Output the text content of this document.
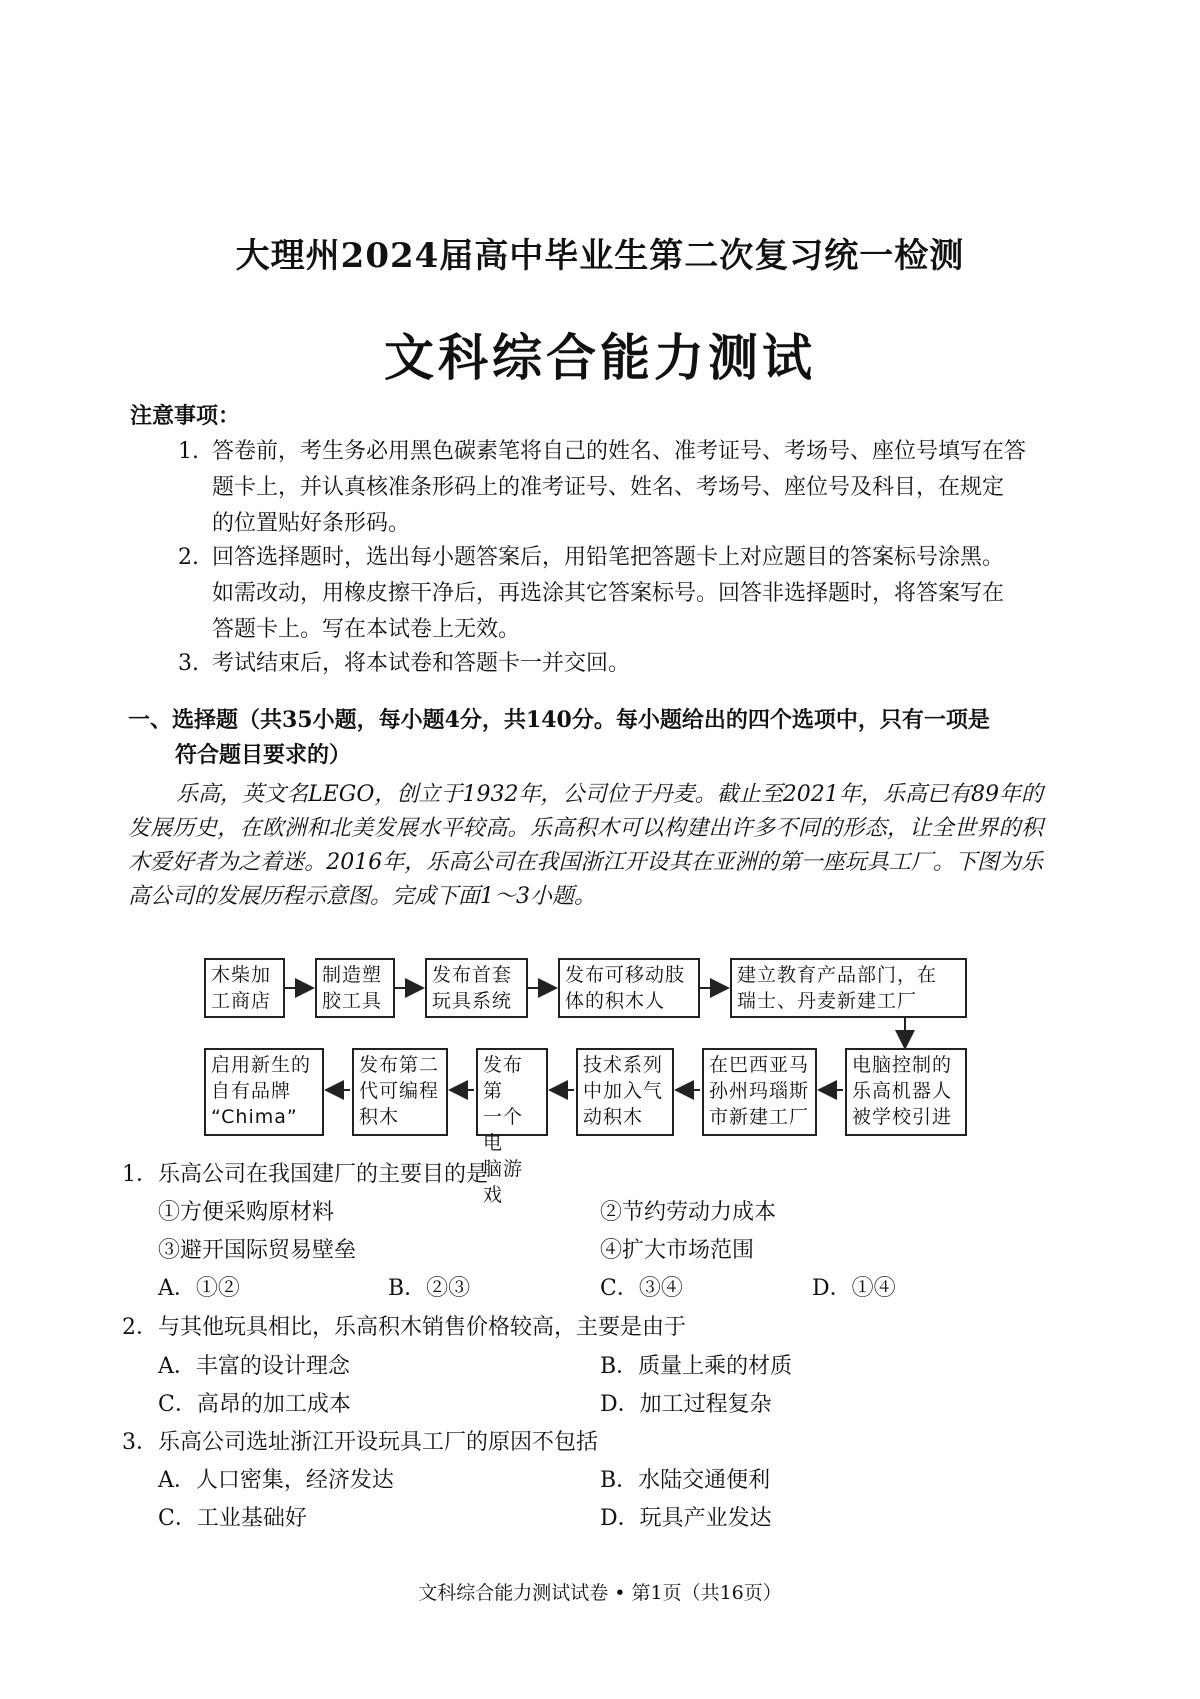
大理州2024届高中毕业生第二次复习统一检测
文科综合能力测试
注意事项：
1. 答卷前，考生务必用黑色碳素笔将自己的姓名、准考证号、考场号、座位号填写在答
题卡上，并认真核准条形码上的准考证号、姓名、考场号、座位号及科目，在规定
的位置贴好条形码。
2. 回答选择题时，选出每小题答案后，用铅笔把答题卡上对应题目的答案标号涂黑。
如需改动，用橡皮擦干净后，再选涂其它答案标号。回答非选择题时，将答案写在
答题卡上。写在本试卷上无效。
3. 考试结束后，将本试卷和答题卡一并交回。
一、选择题（共35小题，每小题4分，共140分。每小题给出的四个选项中，只有一项是
符合题目要求的）
乐高，英文名LEGO，创立于1932年，公司位于丹麦。截止至2021年，乐高已有89年的发展历史，在欧洲和北美发展水平较高。乐高积木可以构建出许多不同的形态，让全世界的积木爱好者为之着迷。2016年，乐高公司在我国浙江开设其在亚洲的第一座玩具工厂。下图为乐高公司的发展历程示意图。完成下面1～3小题。
木柴加
工商店
制造塑
胶工具
发布首套
玩具系统
发布可移动肢
体的积木人
建立教育产品部门，在
瑞士、丹麦新建工厂
电脑控制的
乐高机器人
被学校引进
在巴西亚马
孙州玛瑙斯
市新建工厂
技术系列
中加入气
动积木
发布第
一个电
脑游戏
发布第二
代可编程
积木
启用新生的
自有品牌
“Chima”
1．乐高公司在我国建厂的主要目的是
①方便采购原材料	②节约劳动力成本
③避开国际贸易壁垒	④扩大市场范围
A．①②	B．②③	C．③④	D．①④
2．与其他玩具相比，乐高积木销售价格较高，主要是由于
A．丰富的设计理念	B．质量上乘的材质
C．高昂的加工成本	D．加工过程复杂
3．乐高公司选址浙江开设玩具工厂的原因不包括
A．人口密集，经济发达	B．水陆交通便利
C．工业基础好	D．玩具产业发达
文科综合能力测试试卷 • 第1页（共16页）
